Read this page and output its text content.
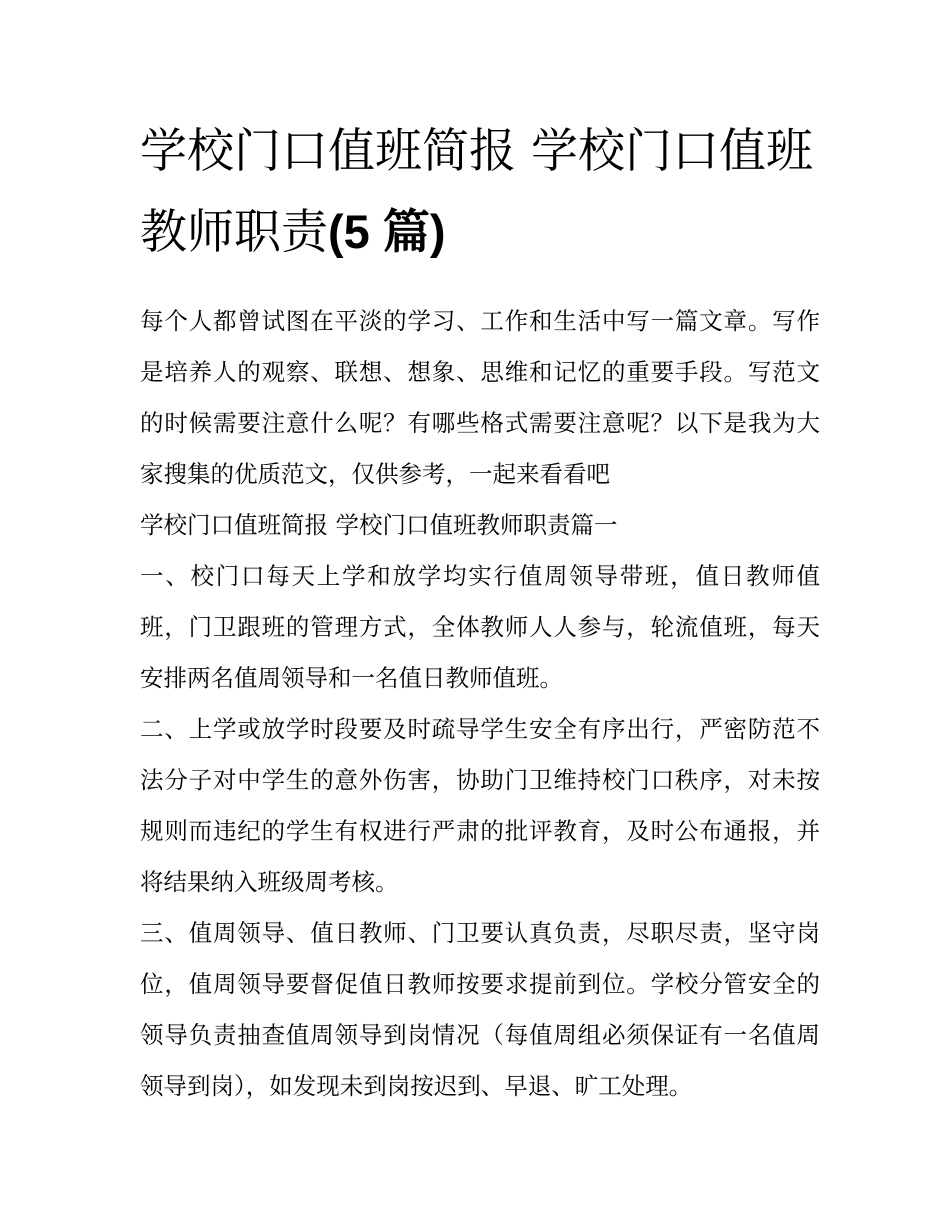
学校门口值班简报 学校门口值班教师职责(5 篇)

每个人都曾试图在平淡的学习、工作和生活中写一篇文章。写作是培养人的观察、联想、想象、思维和记忆的重要手段。写范文的时候需要注意什么呢？有哪些格式需要注意呢？以下是我为大家搜集的优质范文，仅供参考，一起来看看吧

学校门口值班简报 学校门口值班教师职责篇一

一、校门口每天上学和放学均实行值周领导带班，值日教师值班，门卫跟班的管理方式，全体教师人人参与，轮流值班，每天安排两名值周领导和一名值日教师值班。

二、上学或放学时段要及时疏导学生安全有序出行，严密防范不法分子对中学生的意外伤害，协助门卫维持校门口秩序，对未按规则而违纪的学生有权进行严肃的批评教育，及时公布通报，并将结果纳入班级周考核。

三、值周领导、值日教师、门卫要认真负责，尽职尽责，坚守岗位，值周领导要督促值日教师按要求提前到位。学校分管安全的领导负责抽查值周领导到岗情况（每值周组必须保证有一名值周领导到岗），如发现未到岗按迟到、早退、旷工处理。
